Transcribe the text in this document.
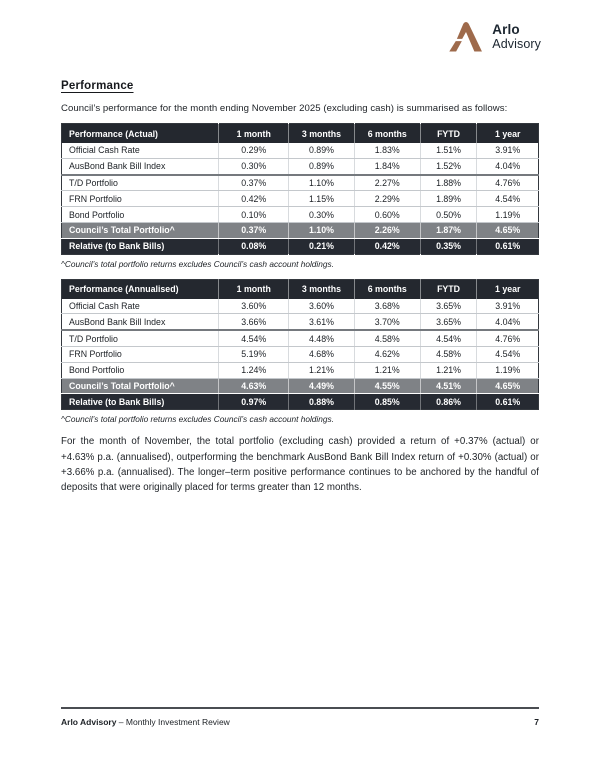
Arlo
Advisory
Performance

Council’s performance for the month ending November 2025 (excluding cash) is summarised as follows:

Performance (Actual)	1 month	3 months	6 months	FYTD	1 year
Official Cash Rate	0.29%	0.89%	1.83%	1.51%	3.91%
AusBond Bank Bill Index	0.30%	0.89%	1.84%	1.52%	4.04%
T/D Portfolio	0.37%	1.10%	2.27%	1.88%	4.76%
FRN Portfolio	0.42%	1.15%	2.29%	1.89%	4.54%
Bond Portfolio	0.10%	0.30%	0.60%	0.50%	1.19%
Council’s Total Portfolio^	0.37%	1.10%	2.26%	1.87%	4.65%
Relative (to Bank Bills)	0.08%	0.21%	0.42%	0.35%	0.61%

^Council’s total portfolio returns excludes Council’s cash account holdings.

Performance (Annualised)	1 month	3 months	6 months	FYTD	1 year
Official Cash Rate	3.60%	3.60%	3.68%	3.65%	3.91%
AusBond Bank Bill Index	3.66%	3.61%	3.70%	3.65%	4.04%
T/D Portfolio	4.54%	4.48%	4.58%	4.54%	4.76%
FRN Portfolio	5.19%	4.68%	4.62%	4.58%	4.54%
Bond Portfolio	1.24%	1.21%	1.21%	1.21%	1.19%
Council’s Total Portfolio^	4.63%	4.49%	4.55%	4.51%	4.65%
Relative (to Bank Bills)	0.97%	0.88%	0.85%	0.86%	0.61%

^Council’s total portfolio returns excludes Council’s cash account holdings.

For the month of November, the total portfolio (excluding cash) provided a return of +0.37% (actual) or +4.63% p.a. (annualised), outperforming the benchmark AusBond Bank Bill Index return of +0.30% (actual) or +3.66% p.a. (annualised). The longer–term positive performance continues to be anchored by the handful of deposits that were originally placed for terms greater than 12 months.

Arlo Advisory – Monthly Investment Review	7
